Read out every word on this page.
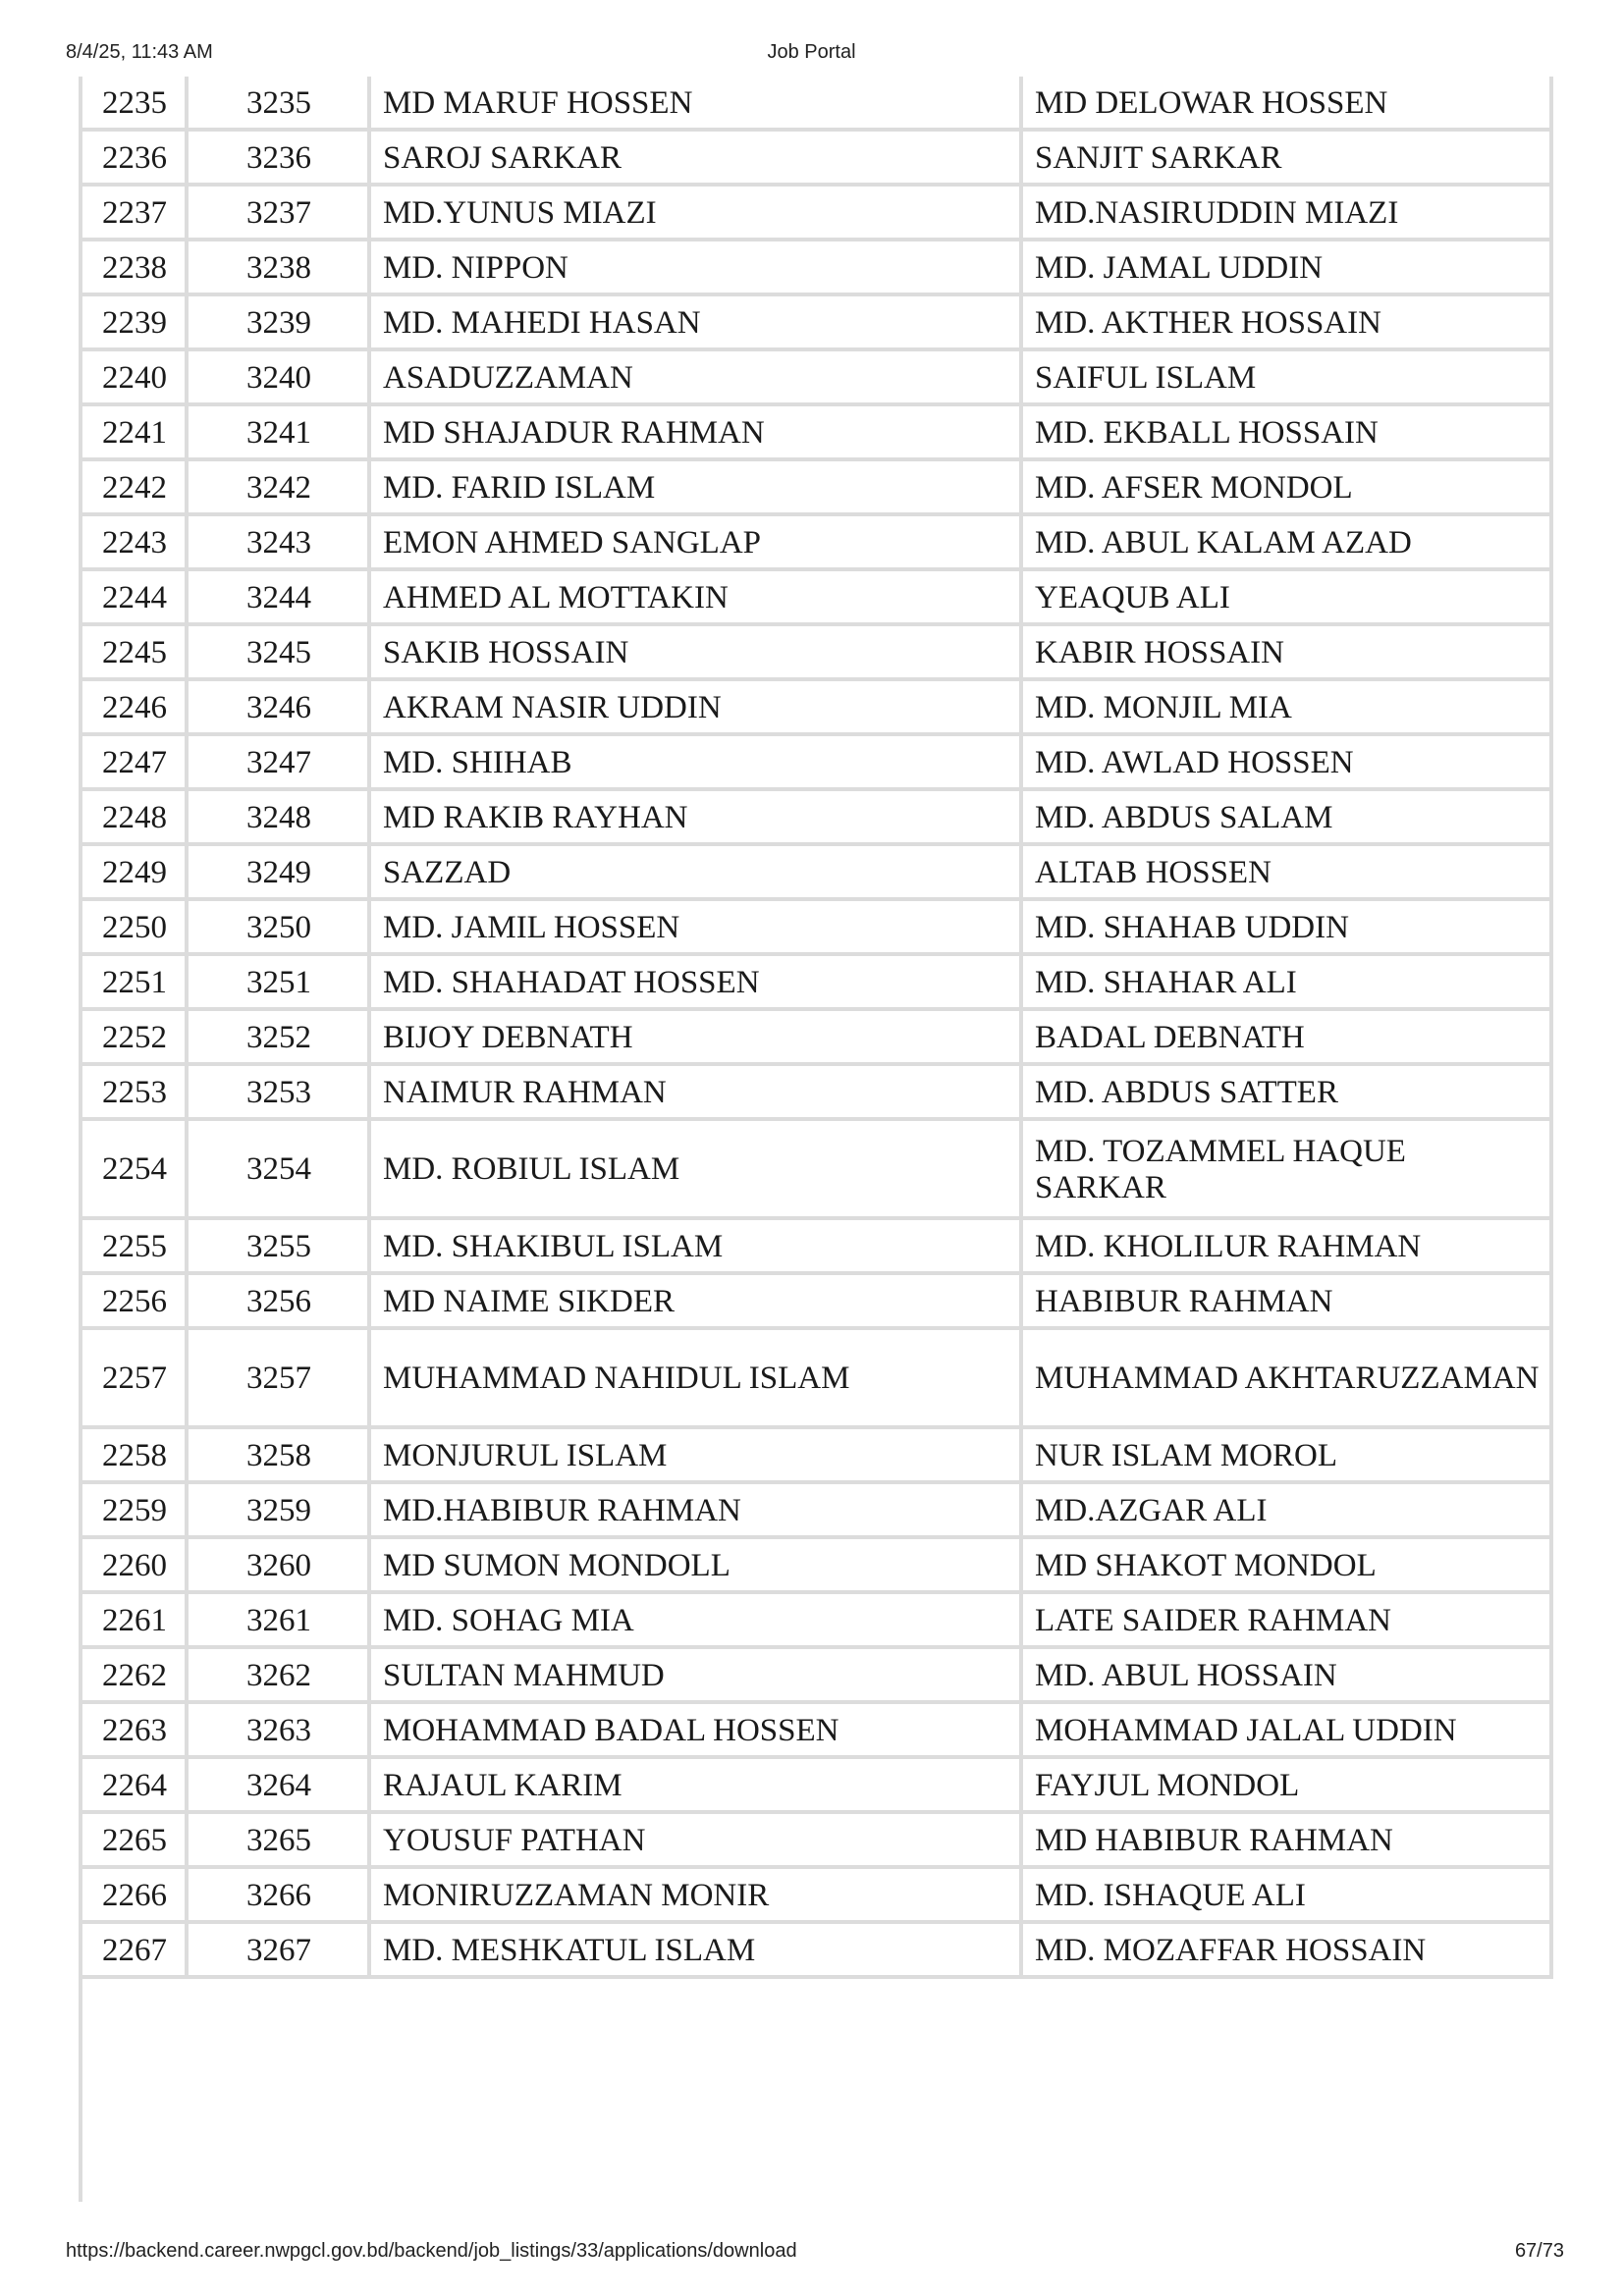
8/4/25, 11:43 AM	Job Portal
2235	3235	MD MARUF HOSSEN	MD DELOWAR HOSSEN
2236	3236	SAROJ SARKAR	SANJIT SARKAR
2237	3237	MD.YUNUS MIAZI	MD.NASIRUDDIN MIAZI
2238	3238	MD. NIPPON	MD. JAMAL UDDIN
2239	3239	MD. MAHEDI HASAN	MD. AKTHER HOSSAIN
2240	3240	ASADUZZAMAN	SAIFUL ISLAM
2241	3241	MD SHAJADUR RAHMAN	MD. EKBALL HOSSAIN
2242	3242	MD. FARID ISLAM	MD. AFSER MONDOL
2243	3243	EMON AHMED SANGLAP	MD. ABUL KALAM AZAD
2244	3244	AHMED AL MOTTAKIN	YEAQUB ALI
2245	3245	SAKIB HOSSAIN	KABIR HOSSAIN
2246	3246	AKRAM NASIR UDDIN	MD. MONJIL MIA
2247	3247	MD. SHIHAB	MD. AWLAD HOSSEN
2248	3248	MD RAKIB RAYHAN	MD. ABDUS SALAM
2249	3249	SAZZAD	ALTAB HOSSEN
2250	3250	MD. JAMIL HOSSEN	MD. SHAHAB UDDIN
2251	3251	MD. SHAHADAT HOSSEN	MD. SHAHAR ALI
2252	3252	BIJOY DEBNATH	BADAL DEBNATH
2253	3253	NAIMUR RAHMAN	MD. ABDUS SATTER
2254	3254	MD. ROBIUL ISLAM	MD. TOZAMMEL HAQUE SARKAR
2255	3255	MD. SHAKIBUL ISLAM	MD. KHOLILUR RAHMAN
2256	3256	MD NAIME SIKDER	HABIBUR RAHMAN
2257	3257	MUHAMMAD NAHIDUL ISLAM	MUHAMMAD AKHTARUZZAMAN
2258	3258	MONJURUL ISLAM	NUR ISLAM MOROL
2259	3259	MD.HABIBUR RAHMAN	MD.AZGAR ALI
2260	3260	MD SUMON MONDOLL	MD SHAKOT MONDOL
2261	3261	MD. SOHAG MIA	LATE SAIDER RAHMAN
2262	3262	SULTAN MAHMUD	MD. ABUL HOSSAIN
2263	3263	MOHAMMAD BADAL HOSSEN	MOHAMMAD JALAL UDDIN
2264	3264	RAJAUL KARIM	FAYJUL MONDOL
2265	3265	YOUSUF PATHAN	MD HABIBUR RAHMAN
2266	3266	MONIRUZZAMAN MONIR	MD. ISHAQUE ALI
2267	3267	MD. MESHKATUL ISLAM	MD. MOZAFFAR HOSSAIN
https://backend.career.nwpgcl.gov.bd/backend/job_listings/33/applications/download	67/73
